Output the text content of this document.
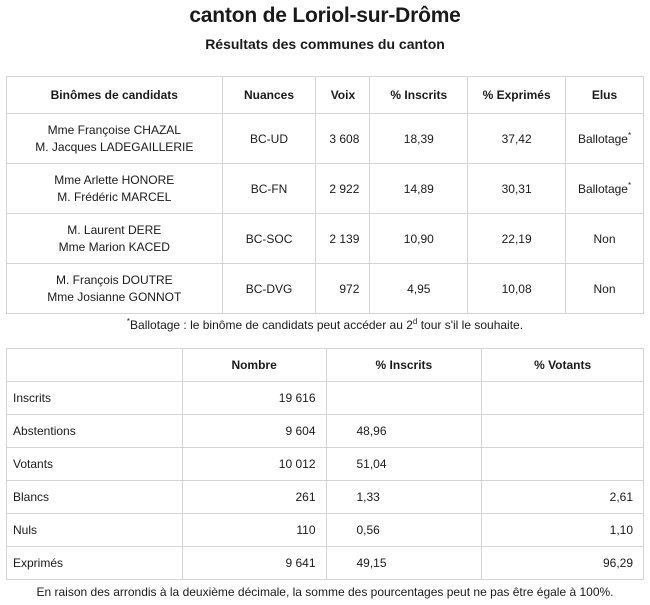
canton de Loriol-sur-Drôme
Résultats des communes du canton
Binômes de candidats	Nuances	Voix	% Inscrits	% Exprimés	Elus

Mme Françoise CHAZAL
M. Jacques LADEGAILLERIE	BC-UD	3 608	18,39	37,42	Ballotage*

Mme Arlette HONORE
M. Frédéric MARCEL	BC-FN	2 922	14,89	30,31	Ballotage*

M. Laurent DERE
Mme Marion KACED	BC-SOC	2 139	10,90	22,19	Non

M. François DOUTRE
Mme Josianne GONNOT	BC-DVG	972	4,95	10,08	Non
*Ballotage : le binôme de candidats peut accéder au 2$^d$ tour s'il le souhaite.
	Nombre	% Inscrits	% Votants
Inscrits	19 616		
Abstentions	9 604	48,96	
Votants	10 012	51,04	
Blancs	261	1,33	2,61
Nuls	110	0,56	1,10
Exprimés	9 641	49,15	96,29
En raison des arrondis à la deuxième décimale, la somme des pourcentages peut ne pas être égale à 100%.
